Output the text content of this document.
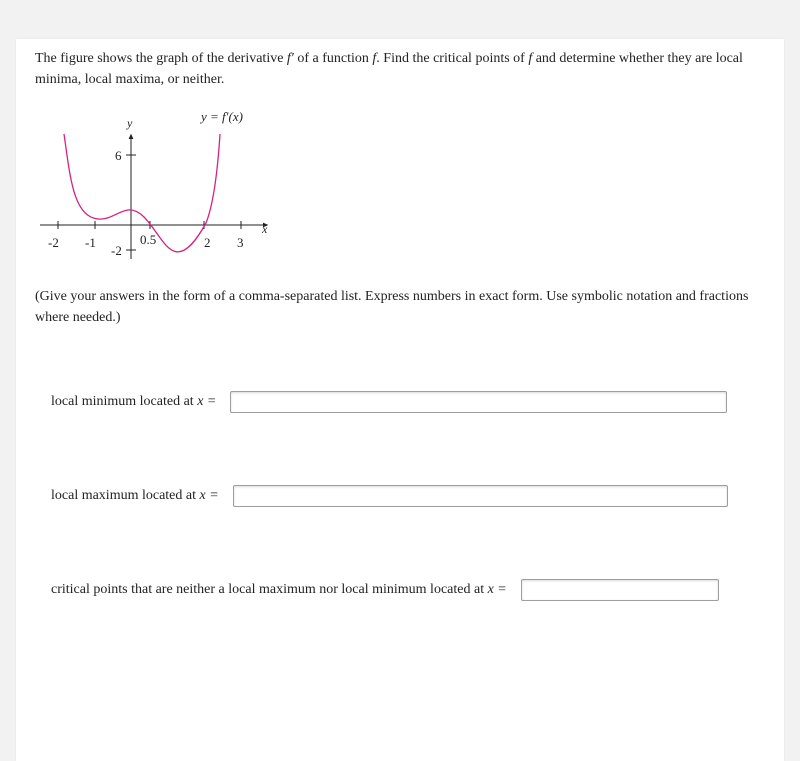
The figure shows the graph of the derivative f′ of a function f. Find the critical points of f and determine whether they are local minima, local maxima, or neither.
y
x
y = f′(x)
6
-2
-2 -1	0.5	2 3
(Give your answers in the form of a comma-separated list. Express numbers in exact form. Use symbolic notation and fractions where needed.)
local minimum located at
x =
local maximum located at
x =
critical points that are neither a local maximum nor local minimum located at
x =
